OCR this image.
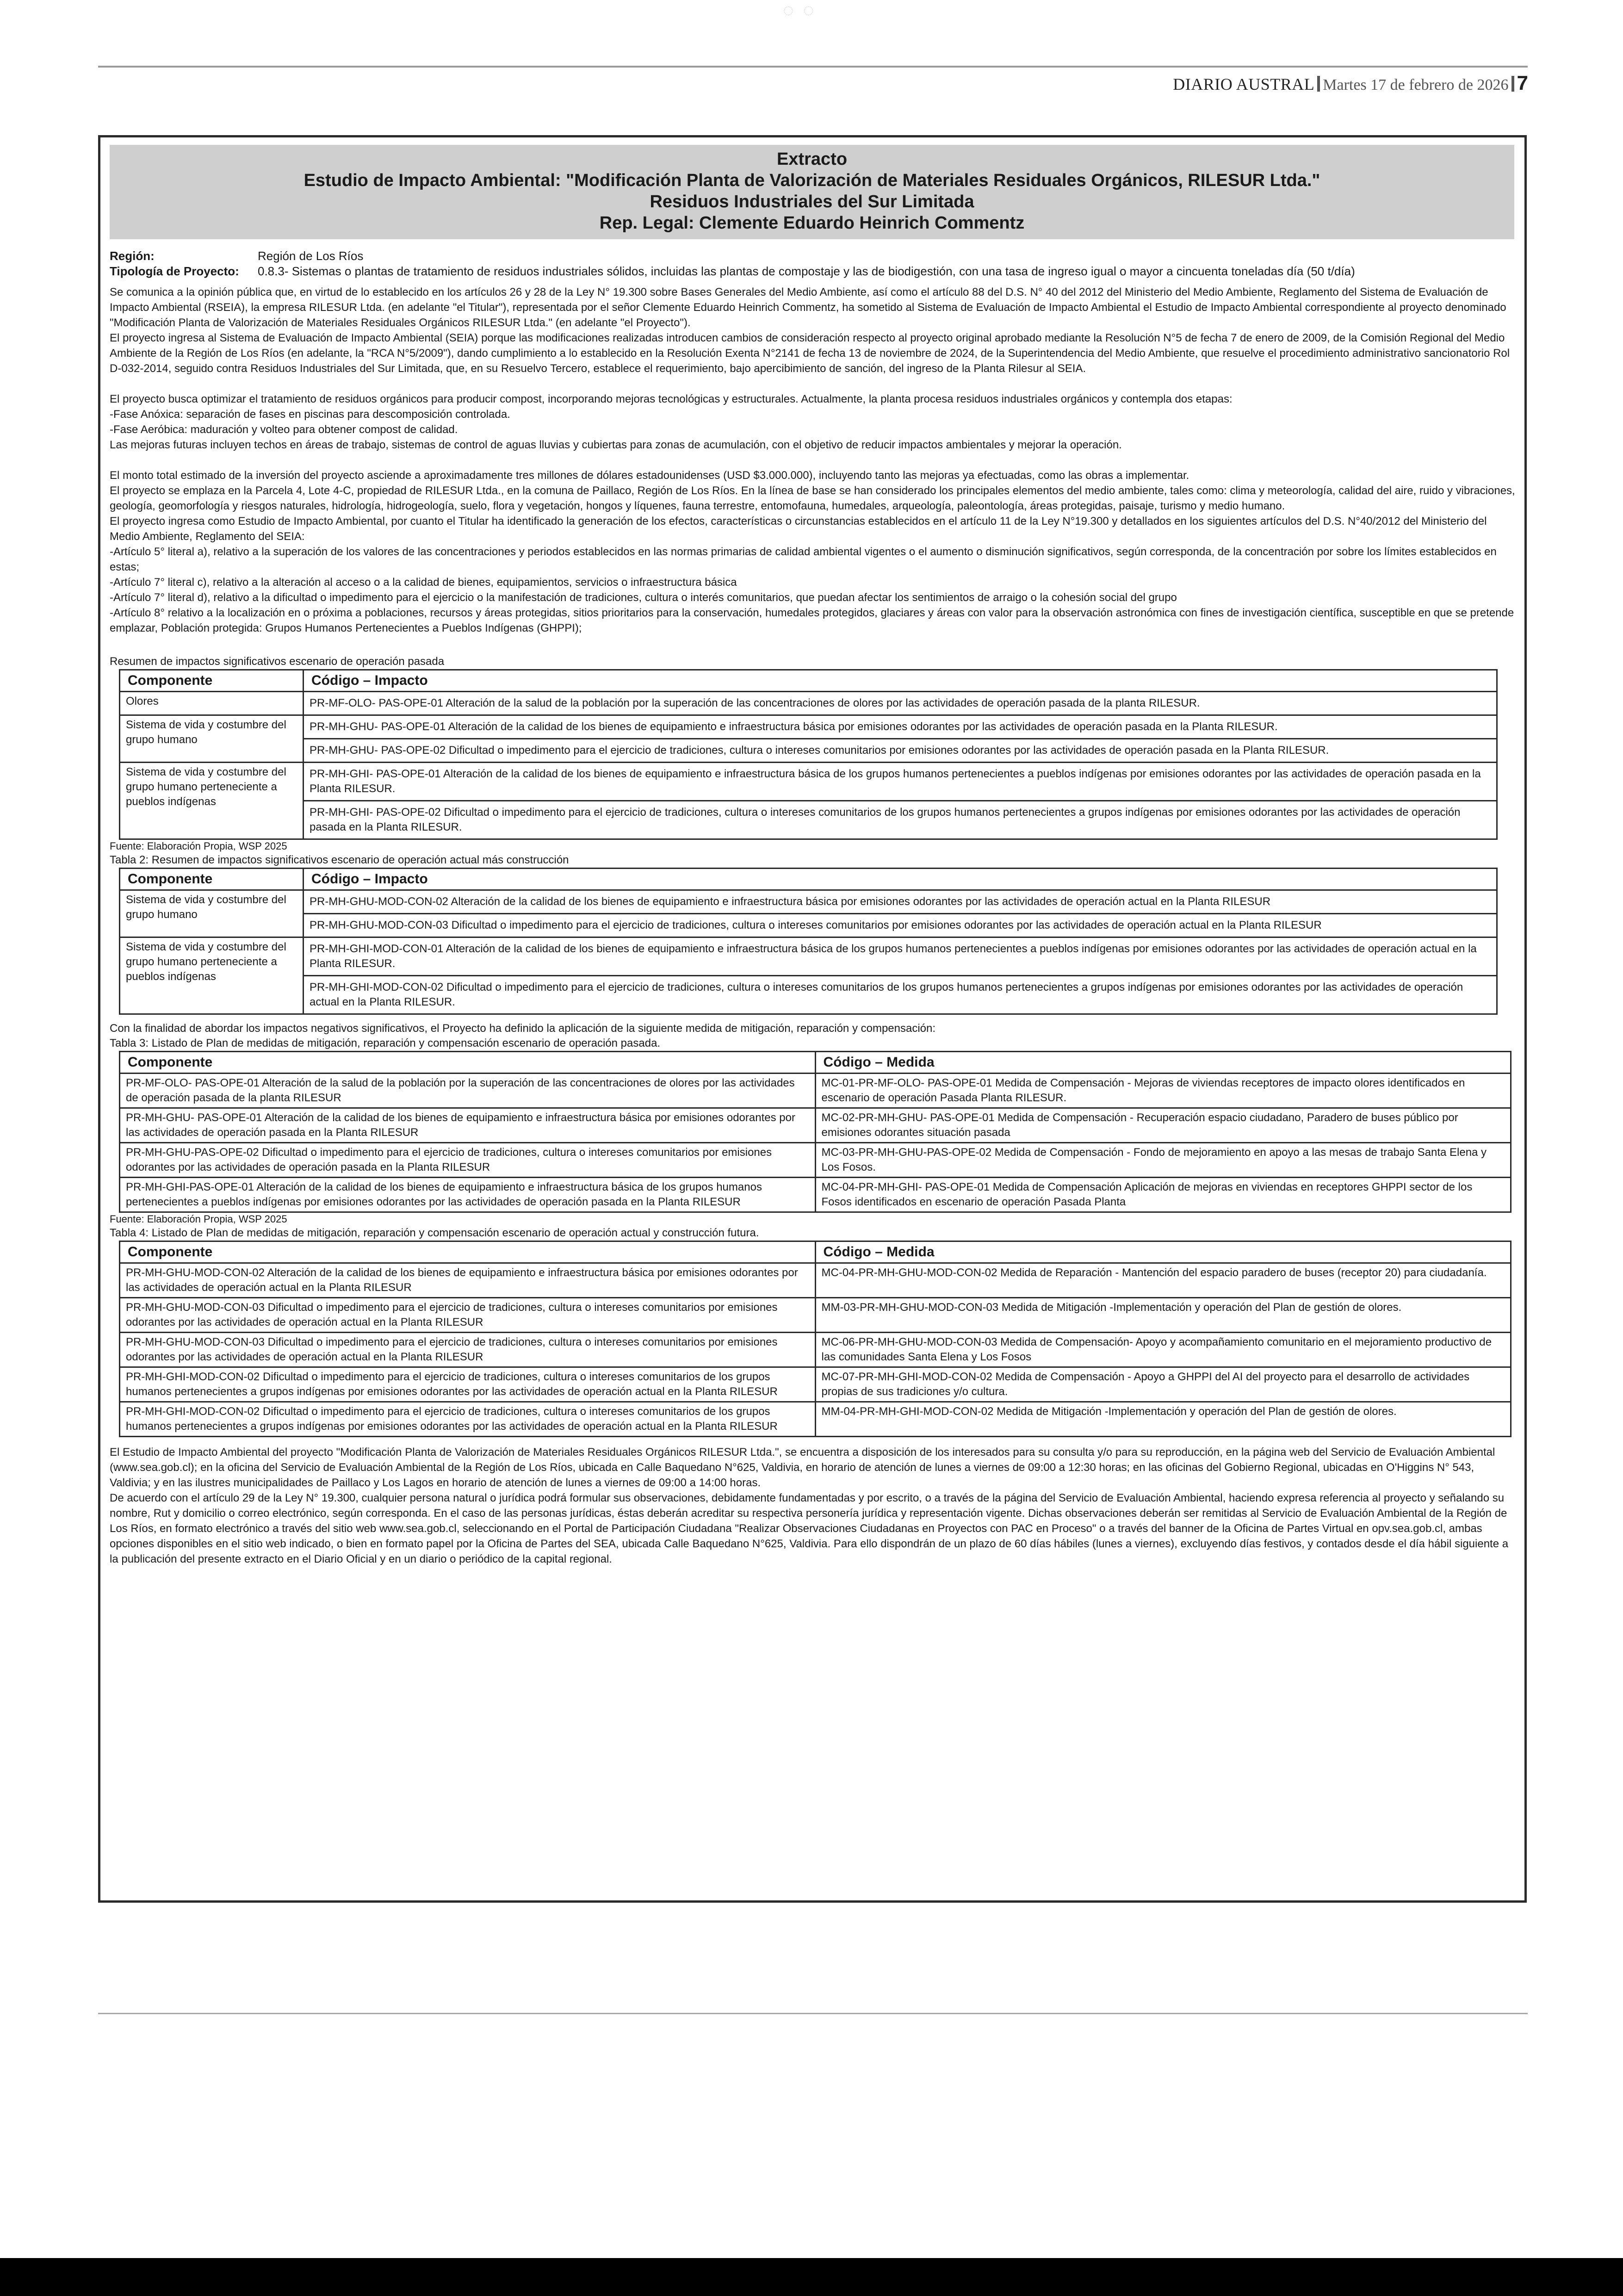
◌◌
DIARIO AUSTRAL Martes 17 de febrero de 2026 7
Extracto
Estudio de Impacto Ambiental: "Modificación Planta de Valorización de Materiales Residuales Orgánicos, RILESUR Ltda."
Residuos Industriales del Sur Limitada
Rep. Legal: Clemente Eduardo Heinrich Commentz
Región:	Región de Los Ríos
Tipología de Proyecto: 0.8.3- Sistemas o plantas de tratamiento de residuos industriales sólidos, incluidas las plantas de compostaje y las de biodigestión, con una tasa de ingreso igual o mayor a cincuenta toneladas día (50 t/día)

Se comunica a la opinión pública que, en virtud de lo establecido en los artículos 26 y 28 de la Ley N° 19.300 sobre Bases Generales del Medio Ambiente, así como el artículo 88 del D.S. N° 40 del 2012 del Ministerio del Medio Ambiente, Reglamento del Sistema de Evaluación de Impacto Ambiental (RSEIA), la empresa RILESUR Ltda. (en adelante "el Titular"), representada por el señor Clemente Eduardo Heinrich Commentz, ha sometido al Sistema de Evaluación de Impacto Ambiental el Estudio de Impacto Ambiental correspondiente al proyecto denominado "Modificación Planta de Valorización de Materiales Residuales Orgánicos RILESUR Ltda." (en adelante "el Proyecto").

El proyecto ingresa al Sistema de Evaluación de Impacto Ambiental (SEIA) porque las modificaciones realizadas introducen cambios de consideración respecto al proyecto original aprobado mediante la Resolución N°5 de fecha 7 de enero de 2009, de la Comisión Regional del Medio Ambiente de la Región de Los Ríos (en adelante, la "RCA N°5/2009"), dando cumplimiento a lo establecido en la Resolución Exenta N°2141 de fecha 13 de noviembre de 2024, de la Superintendencia del Medio Ambiente, que resuelve el procedimiento administrativo sancionatorio Rol D-032-2014, seguido contra Residuos Industriales del Sur Limitada, que, en su Resuelvo Tercero, establece el requerimiento, bajo apercibimiento de sanción, del ingreso de la Planta Rilesur al SEIA.

El proyecto busca optimizar el tratamiento de residuos orgánicos para producir compost, incorporando mejoras tecnológicas y estructurales. Actualmente, la planta procesa residuos industriales orgánicos y contempla dos etapas:

-Fase Anóxica: separación de fases en piscinas para descomposición controlada.

-Fase Aeróbica: maduración y volteo para obtener compost de calidad.

Las mejoras futuras incluyen techos en áreas de trabajo, sistemas de control de aguas lluvias y cubiertas para zonas de acumulación, con el objetivo de reducir impactos ambientales y mejorar la operación.

El monto total estimado de la inversión del proyecto asciende a aproximadamente tres millones de dólares estadounidenses (USD $3.000.000), incluyendo tanto las mejoras ya efectuadas, como las obras a implementar.

El proyecto se emplaza en la Parcela 4, Lote 4-C, propiedad de RILESUR Ltda., en la comuna de Paillaco, Región de Los Ríos. En la línea de base se han considerado los principales elementos del medio ambiente, tales como: clima y meteorología, calidad del aire, ruido y vibraciones, geología, geomorfología y riesgos naturales, hidrología, hidrogeología, suelo, flora y vegetación, hongos y líquenes, fauna terrestre, entomofauna, humedales, arqueología, paleontología, áreas protegidas, paisaje, turismo y medio humano.

El proyecto ingresa como Estudio de Impacto Ambiental, por cuanto el Titular ha identificado la generación de los efectos, características o circunstancias establecidos en el artículo 11 de la Ley N°19.300 y detallados en los siguientes artículos del D.S. N°40/2012 del Ministerio del Medio Ambiente, Reglamento del SEIA:

-Artículo 5° literal a), relativo a la superación de los valores de las concentraciones y periodos establecidos en las normas primarias de calidad ambiental vigentes o el aumento o disminución significativos, según corresponda, de la concentración por sobre los límites establecidos en estas;

-Artículo 7° literal c), relativo a la alteración al acceso o a la calidad de bienes, equipamientos, servicios o infraestructura básica

-Artículo 7° literal d), relativo a la dificultad o impedimento para el ejercicio o la manifestación de tradiciones, cultura o interés comunitarios, que puedan afectar los sentimientos de arraigo o la cohesión social del grupo

-Artículo 8° relativo a la localización en o próxima a poblaciones, recursos y áreas protegidas, sitios prioritarios para la conservación, humedales protegidos, glaciares y áreas con valor para la observación astronómica con fines de investigación científica, susceptible en que se pretende emplazar, Población protegida: Grupos Humanos Pertenecientes a Pueblos Indígenas (GHPPI);

Resumen de impactos significativos escenario de operación pasada
Componente	Código – Impacto
Olores	PR-MF-OLO- PAS-OPE-01 Alteración de la salud de la población por la superación de las concentraciones de olores por las actividades de operación pasada de la planta RILESUR.
Sistema de vida y costumbre del grupo humano	PR-MH-GHU- PAS-OPE-01 Alteración de la calidad de los bienes de equipamiento e infraestructura básica por emisiones odorantes por las actividades de operación pasada en la Planta RILESUR.
	PR-MH-GHU- PAS-OPE-02 Dificultad o impedimento para el ejercicio de tradiciones, cultura o intereses comunitarios por emisiones odorantes por las actividades de operación pasada en la Planta RILESUR.
Sistema de vida y costumbre del grupo humano perteneciente a pueblos indígenas	PR-MH-GHI- PAS-OPE-01 Alteración de la calidad de los bienes de equipamiento e infraestructura básica de los grupos humanos pertenecientes a pueblos indígenas por emisiones odorantes por las actividades de operación pasada en la Planta RILESUR.
	PR-MH-GHI- PAS-OPE-02 Dificultad o impedimento para el ejercicio de tradiciones, cultura o intereses comunitarios de los grupos humanos pertenecientes a grupos indígenas por emisiones odorantes por las actividades de operación pasada en la Planta RILESUR.
Fuente: Elaboración Propia, WSP 2025
Tabla 2: Resumen de impactos significativos escenario de operación actual más construcción
Componente	Código – Impacto
Sistema de vida y costumbre del grupo humano	PR-MH-GHU-MOD-CON-02 Alteración de la calidad de los bienes de equipamiento e infraestructura básica por emisiones odorantes por las actividades de operación actual en la Planta RILESUR
	PR-MH-GHU-MOD-CON-03 Dificultad o impedimento para el ejercicio de tradiciones, cultura o intereses comunitarios por emisiones odorantes por las actividades de operación actual en la Planta RILESUR
Sistema de vida y costumbre del grupo humano perteneciente a pueblos indígenas	PR-MH-GHI-MOD-CON-01 Alteración de la calidad de los bienes de equipamiento e infraestructura básica de los grupos humanos pertenecientes a pueblos indígenas por emisiones odorantes por las actividades de operación actual en la Planta RILESUR.
	PR-MH-GHI-MOD-CON-02 Dificultad o impedimento para el ejercicio de tradiciones, cultura o intereses comunitarios de los grupos humanos pertenecientes a grupos indígenas por emisiones odorantes por las actividades de operación actual en la Planta RILESUR.
Con la finalidad de abordar los impactos negativos significativos, el Proyecto ha definido la aplicación de la siguiente medida de mitigación, reparación y compensación:
Tabla 3: Listado de Plan de medidas de mitigación, reparación y compensación escenario de operación pasada.
Componente	Código – Medida
PR-MF-OLO- PAS-OPE-01 Alteración de la salud de la población por la superación de las concentraciones de olores por las actividades de operación pasada de la planta RILESUR	MC-01-PR-MF-OLO- PAS-OPE-01 Medida de Compensación - Mejoras de viviendas receptores de impacto olores identificados en escenario de operación Pasada Planta RILESUR.
PR-MH-GHU- PAS-OPE-01 Alteración de la calidad de los bienes de equipamiento e infraestructura básica por emisiones odorantes por las actividades de operación pasada en la Planta RILESUR	MC-02-PR-MH-GHU- PAS-OPE-01 Medida de Compensación - Recuperación espacio ciudadano, Paradero de buses público por emisiones odorantes situación pasada
PR-MH-GHU-PAS-OPE-02 Dificultad o impedimento para el ejercicio de tradiciones, cultura o intereses comunitarios por emisiones odorantes por las actividades de operación pasada en la Planta RILESUR	MC-03-PR-MH-GHU-PAS-OPE-02 Medida de Compensación - Fondo de mejoramiento en apoyo a las mesas de trabajo Santa Elena y Los Fosos.
PR-MH-GHI-PAS-OPE-01 Alteración de la calidad de los bienes de equipamiento e infraestructura básica de los grupos humanos pertenecientes a pueblos indígenas por emisiones odorantes por las actividades de operación pasada en la Planta RILESUR	MC-04-PR-MH-GHI- PAS-OPE-01 Medida de Compensación Aplicación de mejoras en viviendas en receptores GHPPI sector de los Fosos identificados en escenario de operación Pasada Planta
Fuente: Elaboración Propia, WSP 2025
Tabla 4: Listado de Plan de medidas de mitigación, reparación y compensación escenario de operación actual y construcción futura.
Componente	Código – Medida
PR-MH-GHU-MOD-CON-02 Alteración de la calidad de los bienes de equipamiento e infraestructura básica por emisiones odorantes por las actividades de operación actual en la Planta RILESUR	MC-04-PR-MH-GHU-MOD-CON-02 Medida de Reparación - Mantención del espacio paradero de buses (receptor 20) para ciudadanía.
PR-MH-GHU-MOD-CON-03 Dificultad o impedimento para el ejercicio de tradiciones, cultura o intereses comunitarios por emisiones odorantes por las actividades de operación actual en la Planta RILESUR	MM-03-PR-MH-GHU-MOD-CON-03 Medida de Mitigación -Implementación y operación del Plan de gestión de olores.
PR-MH-GHU-MOD-CON-03 Dificultad o impedimento para el ejercicio de tradiciones, cultura o intereses comunitarios por emisiones odorantes por las actividades de operación actual en la Planta RILESUR	MC-06-PR-MH-GHU-MOD-CON-03 Medida de Compensación- Apoyo y acompañamiento comunitario en el mejoramiento productivo de las comunidades Santa Elena y Los Fosos
PR-MH-GHI-MOD-CON-02 Dificultad o impedimento para el ejercicio de tradiciones, cultura o intereses comunitarios de los grupos humanos pertenecientes a grupos indígenas por emisiones odorantes por las actividades de operación actual en la Planta RILESUR	MC-07-PR-MH-GHI-MOD-CON-02 Medida de Compensación - Apoyo a GHPPI del AI del proyecto para el desarrollo de actividades propias de sus tradiciones y/o cultura.
PR-MH-GHI-MOD-CON-02 Dificultad o impedimento para el ejercicio de tradiciones, cultura o intereses comunitarios de los grupos humanos pertenecientes a grupos indígenas por emisiones odorantes por las actividades de operación actual en la Planta RILESUR	MM-04-PR-MH-GHI-MOD-CON-02 Medida de Mitigación -Implementación y operación del Plan de gestión de olores.

El Estudio de Impacto Ambiental del proyecto "Modificación Planta de Valorización de Materiales Residuales Orgánicos RILESUR Ltda.", se encuentra a disposición de los interesados para su consulta y/o para su reproducción, en la página web del Servicio de Evaluación Ambiental (www.sea.gob.cl); en la oficina del Servicio de Evaluación Ambiental de la Región de Los Ríos, ubicada en Calle Baquedano N°625, Valdivia, en horario de atención de lunes a viernes de 09:00 a 12:30 horas; en las oficinas del Gobierno Regional, ubicadas en O'Higgins N° 543, Valdivia; y en las ilustres municipalidades de Paillaco y Los Lagos en horario de atención de lunes a viernes de 09:00 a 14:00 horas.

De acuerdo con el artículo 29 de la Ley N° 19.300, cualquier persona natural o jurídica podrá formular sus observaciones, debidamente fundamentadas y por escrito, o a través de la página del Servicio de Evaluación Ambiental, haciendo expresa referencia al proyecto y señalando su nombre, Rut y domicilio o correo electrónico, según corresponda. En el caso de las personas jurídicas, éstas deberán acreditar su respectiva personería jurídica y representación vigente. Dichas observaciones deberán ser remitidas al Servicio de Evaluación Ambiental de la Región de Los Ríos, en formato electrónico a través del sitio web www.sea.gob.cl, seleccionando en el Portal de Participación Ciudadana "Realizar Observaciones Ciudadanas en Proyectos con PAC en Proceso" o a través del banner de la Oficina de Partes Virtual en opv.sea.gob.cl, ambas opciones disponibles en el sitio web indicado, o bien en formato papel por la Oficina de Partes del SEA, ubicada Calle Baquedano N°625, Valdivia. Para ello dispondrán de un plazo de 60 días hábiles (lunes a viernes), excluyendo días festivos, y contados desde el día hábil siguiente a la publicación del presente extracto en el Diario Oficial y en un diario o periódico de la capital regional.
